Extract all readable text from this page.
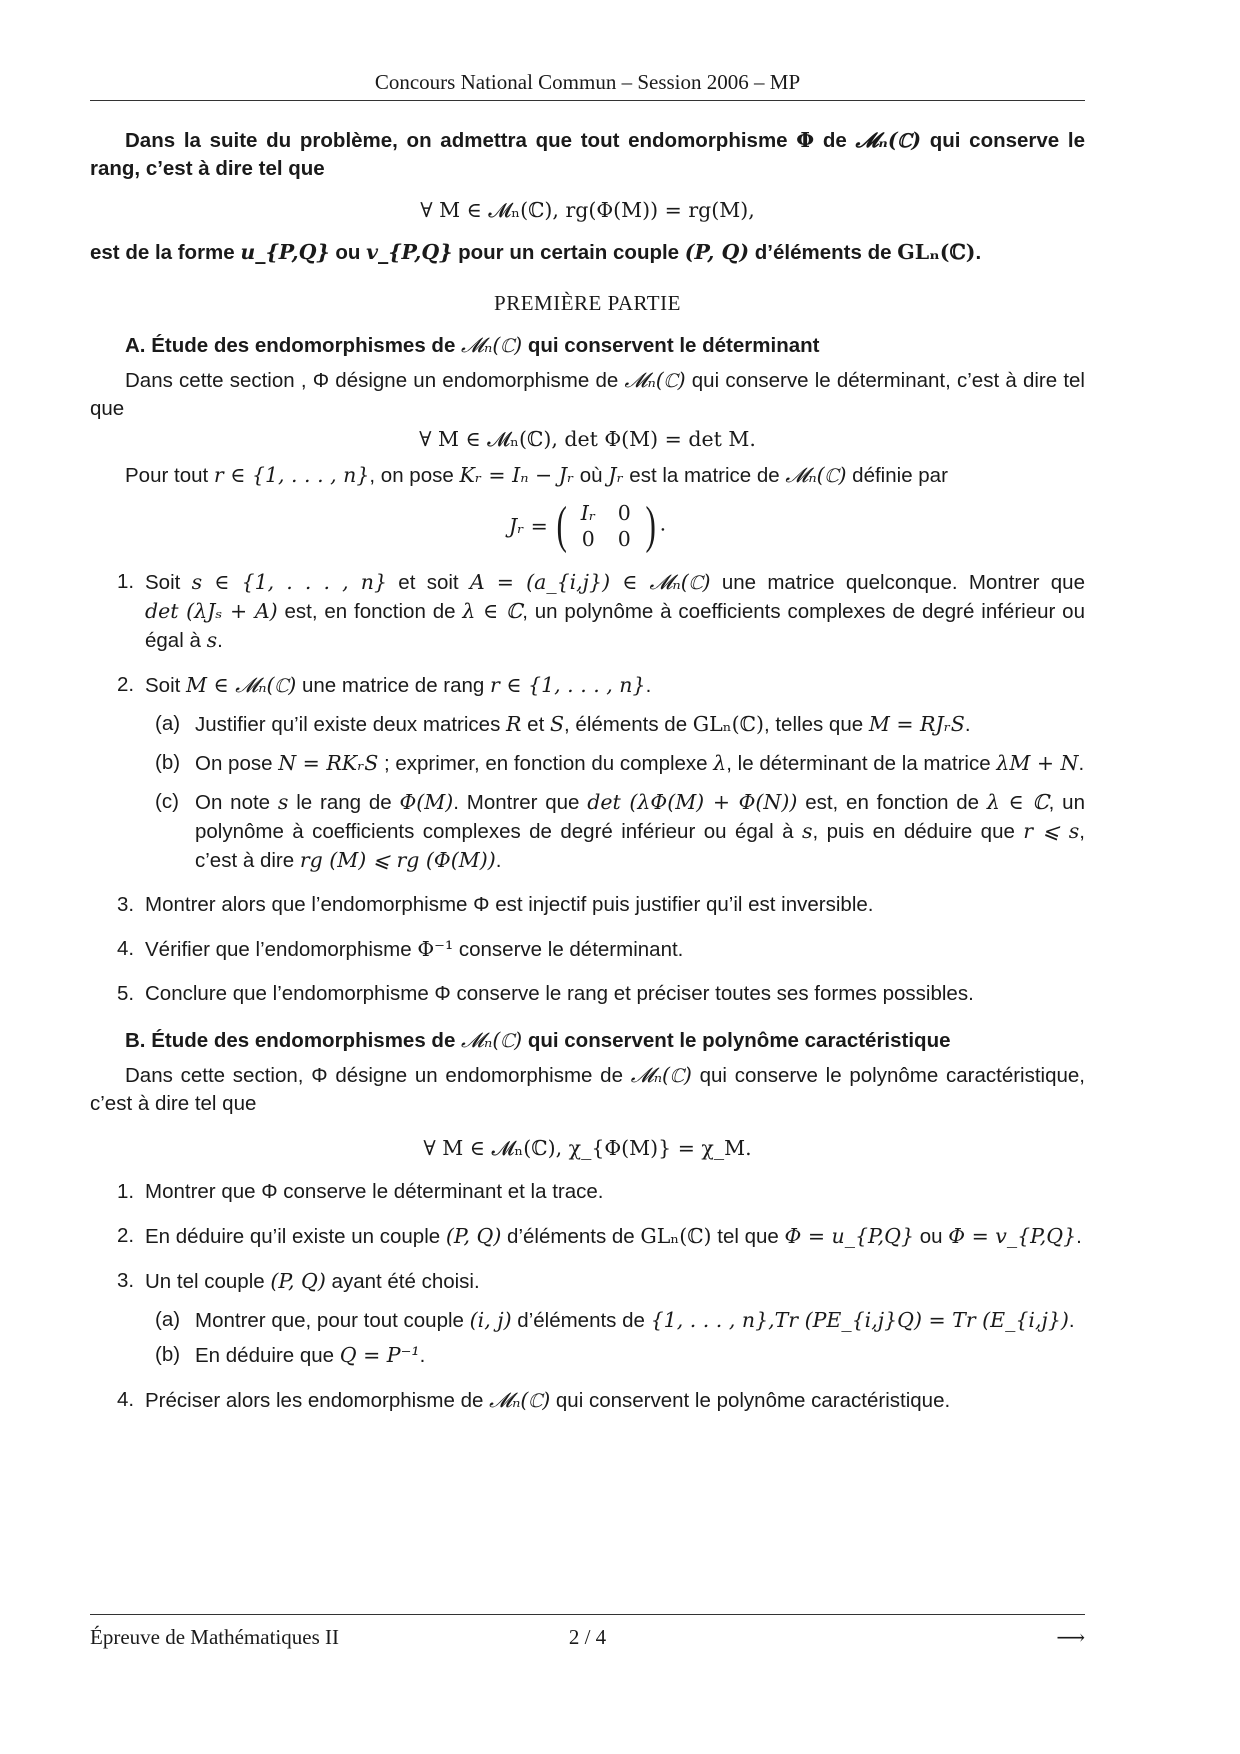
Concours National Commun – Session 2006 – MP

Dans la suite du problème, on admettra que tout endomorphisme Φ de 𝓜ₙ(ℂ) qui conserve le rang, c’est à dire tel que

∀ M ∈ 𝓜ₙ(ℂ), rg(Φ(M)) = rg(M),

est de la forme u_{P,Q} ou v_{P,Q} pour un certain couple (P, Q) d’éléments de GLₙ(ℂ).

PREMIÈRE PARTIE

A. Étude des endomorphismes de 𝓜ₙ(ℂ) qui conservent le déterminant

Dans cette section , Φ désigne un endomorphisme de 𝓜ₙ(ℂ) qui conserve le déterminant, c’est à dire tel que

∀ M ∈ 𝓜ₙ(ℂ), det Φ(M) = det M.

Pour tout r ∈ {1, . . . , n}, on pose Kᵣ = Iₙ − Jᵣ où Jᵣ est la matrice de 𝓜ₙ(ℂ) définie par

Jᵣ = ( Iᵣ	0
0	0 ) .
1. Soit s ∈ {1, . . . , n} et soit A = (a_{i,j}) ∈ 𝓜ₙ(ℂ) une matrice quelconque. Montrer que det (λJₛ + A) est, en fonction de λ ∈ ℂ, un polynôme à coefficients complexes de degré inférieur ou égal à s.
2. Soit M ∈ 𝓜ₙ(ℂ) une matrice de rang r ∈ {1, . . . , n}.
(a) Justifier qu’il existe deux matrices R et S, éléments de GLₙ(ℂ), telles que M = RJᵣS.
(b) On pose N = RKᵣS ; exprimer, en fonction du complexe λ, le déterminant de la matrice λM + N.
(c) On note s le rang de Φ(M). Montrer que det (λΦ(M) + Φ(N)) est, en fonction de λ ∈ ℂ, un polynôme à coefficients complexes de degré inférieur ou égal à s, puis en déduire que r ⩽ s, c’est à dire rg (M) ⩽ rg (Φ(M)).
3. Montrer alors que l’endomorphisme Φ est injectif puis justifier qu’il est inversible.
4. Vérifier que l’endomorphisme Φ⁻¹ conserve le déterminant.
5. Conclure que l’endomorphisme Φ conserve le rang et préciser toutes ses formes possibles.

B. Étude des endomorphismes de 𝓜ₙ(ℂ) qui conservent le polynôme caractéristique

Dans cette section, Φ désigne un endomorphisme de 𝓜ₙ(ℂ) qui conserve le polynôme caractéristique, c’est à dire tel que

∀ M ∈ 𝓜ₙ(ℂ), χ_{Φ(M)} = χ_M.

1. Montrer que Φ conserve le déterminant et la trace.
2. En déduire qu’il existe un couple (P, Q) d’éléments de GLₙ(ℂ) tel que Φ = u_{P,Q} ou Φ = v_{P,Q}.
3. Un tel couple (P, Q) ayant été choisi.
(a) Montrer que, pour tout couple (i, j) d’éléments de {1, . . . , n},Tr (PE_{i,j}Q) = Tr (E_{i,j}).
(b) En déduire que Q = P⁻¹.
4. Préciser alors les endomorphisme de 𝓜ₙ(ℂ) qui conservent le polynôme caractéristique.
Épreuve de Mathématiques II	2 / 4	⟶
